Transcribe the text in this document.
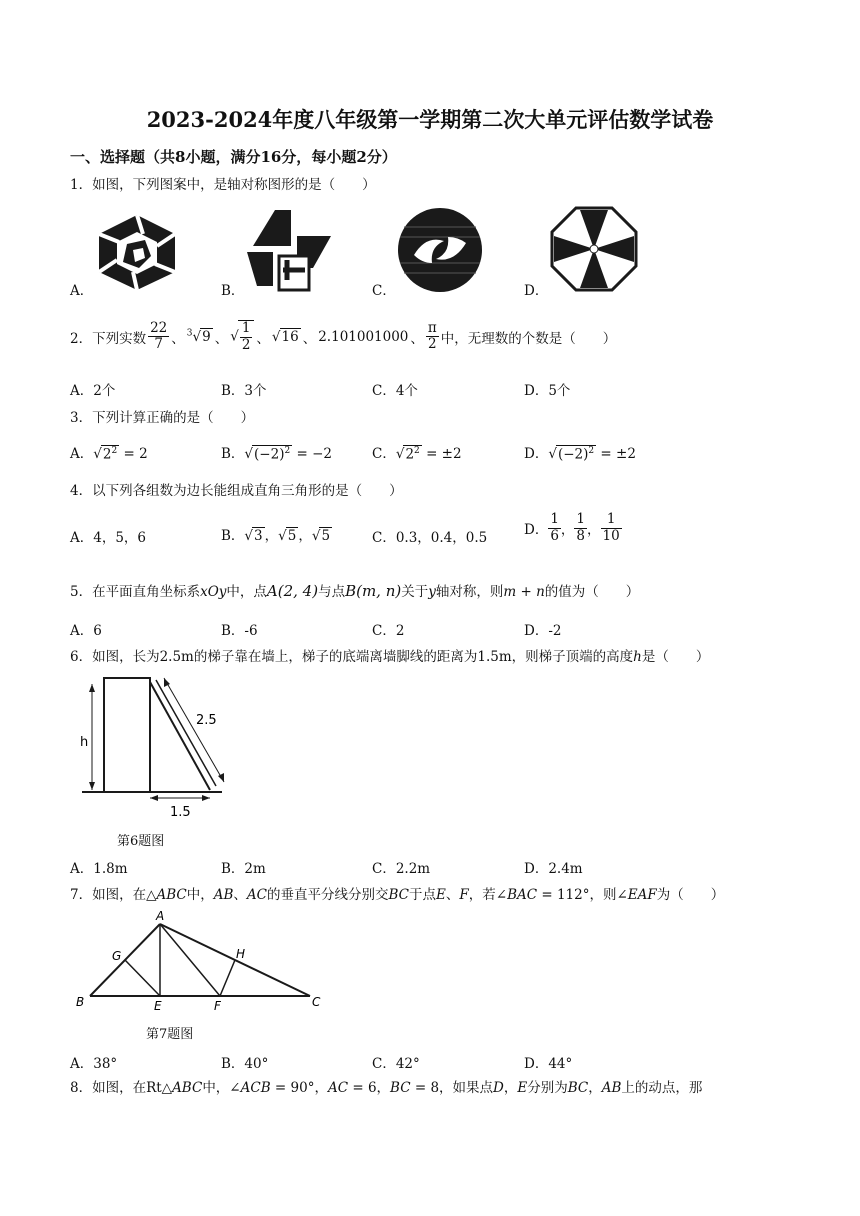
2023-2024年度八年级第一学期第二次大单元评估数学试卷
一、选择题（共8小题，满分16分，每小题2分）
1．如图，下列图案中，是轴对称图形的是（　　）
A．	B．	C．	D．
2．下列实数 $\frac{22}{7}$ 、 $^3$√9 、 √ $\frac{1}{2}$ 、 √16 、 2.101001000 、 $\frac{\pi}{2}$ 中，无理数的个数是（　　）
A．2个	B．3个	C．4个	D．5个
3．下列计算正确的是（　　）
A．$√2^2 = 2$	B．$√(-2)^2 = -2$	C．$√2^2 = \pm 2$	D．$√(-2)^2 = \pm 2$
4．以下列各组数为边长能组成直角三角形的是（　　）
A．4，5，6	B．√3 ，√5 ，√5	C．0.3，0.4，0.5	D． $\frac{1}{6}$ ， $\frac{1}{8}$ ， $\frac{1}{10}$
5．在平面直角坐标系xOy中，点A(2, 4)与点B(m, n)关于y轴对称，则m + n的值为（　　）
A．6	B．-6	C．2	D．-2
6．如图，长为2.5m的梯子靠在墙上，梯子的底端离墙脚线的距离为1.5m，则梯子顶端的高度h是（　　）
h
2.5
1.5
第6题图
A．1.8m	B．2m	C．2.2m	D．2.4m
7．如图，在△ABC中，AB、AC的垂直平分线分别交BC于点E、F，若∠BAC = 112°，则∠EAF为（　　）
A
G	H
B	E	F	C
第7题图
A．38°	B．40°	C．42°	D．44°
8．如图，在Rt△ABC中，∠ACB = 90°，AC = 6，BC = 8，如果点D，E分别为BC，AB上的动点，那
